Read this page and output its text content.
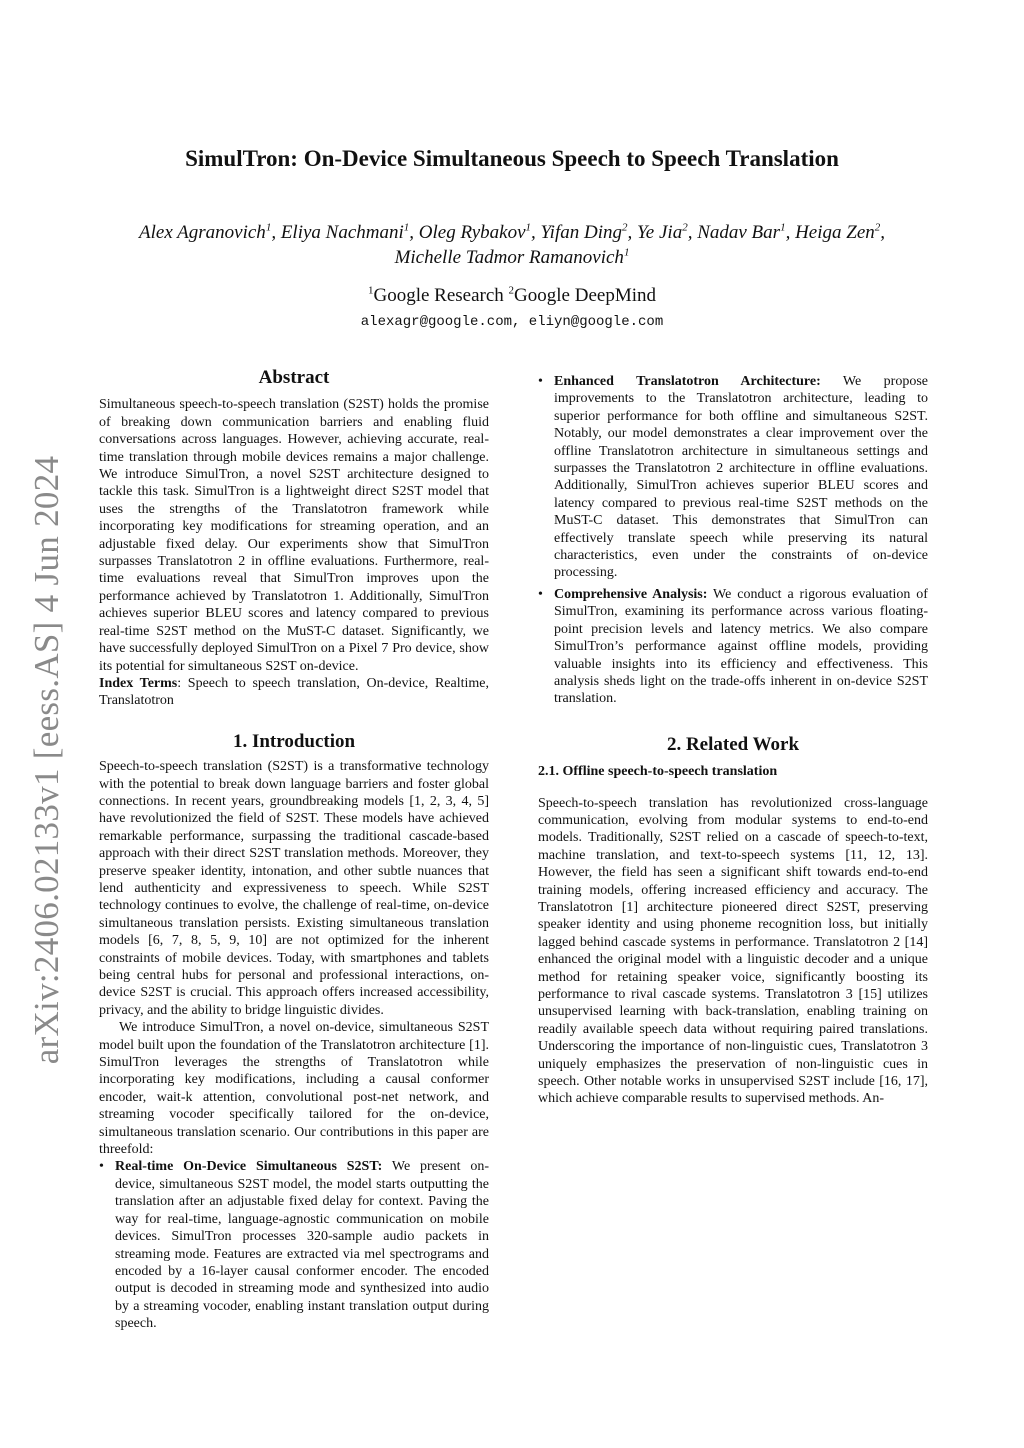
arXiv:2406.02133v1 [eess.AS] 4 Jun 2024
SimulTron: On-Device Simultaneous Speech to Speech Translation
Alex Agranovich$^1$, Eliya Nachmani$^1$, Oleg Rybakov$^1$, Yifan Ding$^2$, Ye Jia$^2$, Nadav Bar$^1$, Heiga Zen$^2$,
Michelle Tadmor Ramanovich$^1$
$^1$Google Research $^2$Google DeepMind
alexagr@google.com, eliyn@google.com
Abstract

Simultaneous speech-to-speech translation (S2ST) holds the promise of breaking down communication barriers and enabling fluid conversations across languages. However, achieving accurate, real-time translation through mobile devices remains a major challenge. We introduce SimulTron, a novel S2ST architecture designed to tackle this task. SimulTron is a lightweight direct S2ST model that uses the strengths of the Translatotron framework while incorporating key modifications for streaming operation, and an adjustable fixed delay. Our experiments show that SimulTron surpasses Translatotron 2 in offline evaluations. Furthermore, real-time evaluations reveal that SimulTron improves upon the performance achieved by Translatotron 1. Additionally, SimulTron achieves superior BLEU scores and latency compared to previous real-time S2ST method on the MuST-C dataset. Significantly, we have successfully deployed SimulTron on a Pixel 7 Pro device, show its potential for simultaneous S2ST on-device.

Index Terms: Speech to speech translation, On-device, Realtime, Translatotron

1. Introduction

Speech-to-speech translation (S2ST) is a transformative technology with the potential to break down language barriers and foster global connections. In recent years, groundbreaking models [1, 2, 3, 4, 5] have revolutionized the field of S2ST. These models have achieved remarkable performance, surpassing the traditional cascade-based approach with their direct S2ST translation methods. Moreover, they preserve speaker identity, intonation, and other subtle nuances that lend authenticity and expressiveness to speech. While S2ST technology continues to evolve, the challenge of real-time, on-device simultaneous translation persists. Existing simultaneous translation models [6, 7, 8, 5, 9, 10] are not optimized for the inherent constraints of mobile devices. Today, with smartphones and tablets being central hubs for personal and professional interactions, on-device S2ST is crucial. This approach offers increased accessibility, privacy, and the ability to bridge linguistic divides.

We introduce SimulTron, a novel on-device, simultaneous S2ST model built upon the foundation of the Translatotron architecture [1]. SimulTron leverages the strengths of Translatotron while incorporating key modifications, including a causal conformer encoder, wait-k attention, convolutional post-net network, and streaming vocoder specifically tailored for the on-device, simultaneous translation scenario. Our contributions in this paper are threefold:

• Real-time On-Device Simultaneous S2ST: We present on-device, simultaneous S2ST model, the model starts outputting the translation after an adjustable fixed delay for context. Paving the way for real-time, language-agnostic communication on mobile devices. SimulTron processes 320-sample audio packets in streaming mode. Features are extracted via mel spectrograms and encoded by a 16-layer causal conformer encoder. The encoded output is decoded in streaming mode and synthesized into audio by a streaming vocoder, enabling instant translation output during speech.
• Enhanced Translatotron Architecture: We propose improvements to the Translatotron architecture, leading to superior performance for both offline and simultaneous S2ST. Notably, our model demonstrates a clear improvement over the offline Translatotron architecture in simultaneous settings and surpasses the Translatotron 2 architecture in offline evaluations. Additionally, SimulTron achieves superior BLEU scores and latency compared to previous real-time S2ST methods on the MuST-C dataset. This demonstrates that SimulTron can effectively translate speech while preserving its natural characteristics, even under the constraints of on-device processing.
• Comprehensive Analysis: We conduct a rigorous evaluation of SimulTron, examining its performance across various floating-point precision levels and latency metrics. We also compare SimulTron’s performance against offline models, providing valuable insights into its efficiency and effectiveness. This analysis sheds light on the trade-offs inherent in on-device S2ST translation.
2. Related Work
2.1. Offline speech-to-speech translation

Speech-to-speech translation has revolutionized cross-language communication, evolving from modular systems to end-to-end models. Traditionally, S2ST relied on a cascade of speech-to-text, machine translation, and text-to-speech systems [11, 12, 13]. However, the field has seen a significant shift towards end-to-end training models, offering increased efficiency and accuracy. The Translatotron [1] architecture pioneered direct S2ST, preserving speaker identity and using phoneme recognition loss, but initially lagged behind cascade systems in performance. Translatotron 2 [14] enhanced the original model with a linguistic decoder and a unique method for retaining speaker voice, significantly boosting its performance to rival cascade systems. Translatotron 3 [15] utilizes unsupervised learning with back-translation, enabling training on readily available speech data without requiring paired translations. Underscoring the importance of non-linguistic cues, Translatotron 3 uniquely emphasizes the preservation of non-linguistic cues in speech. Other notable works in unsupervised S2ST include [16, 17], which achieve comparable results to supervised methods. An-
